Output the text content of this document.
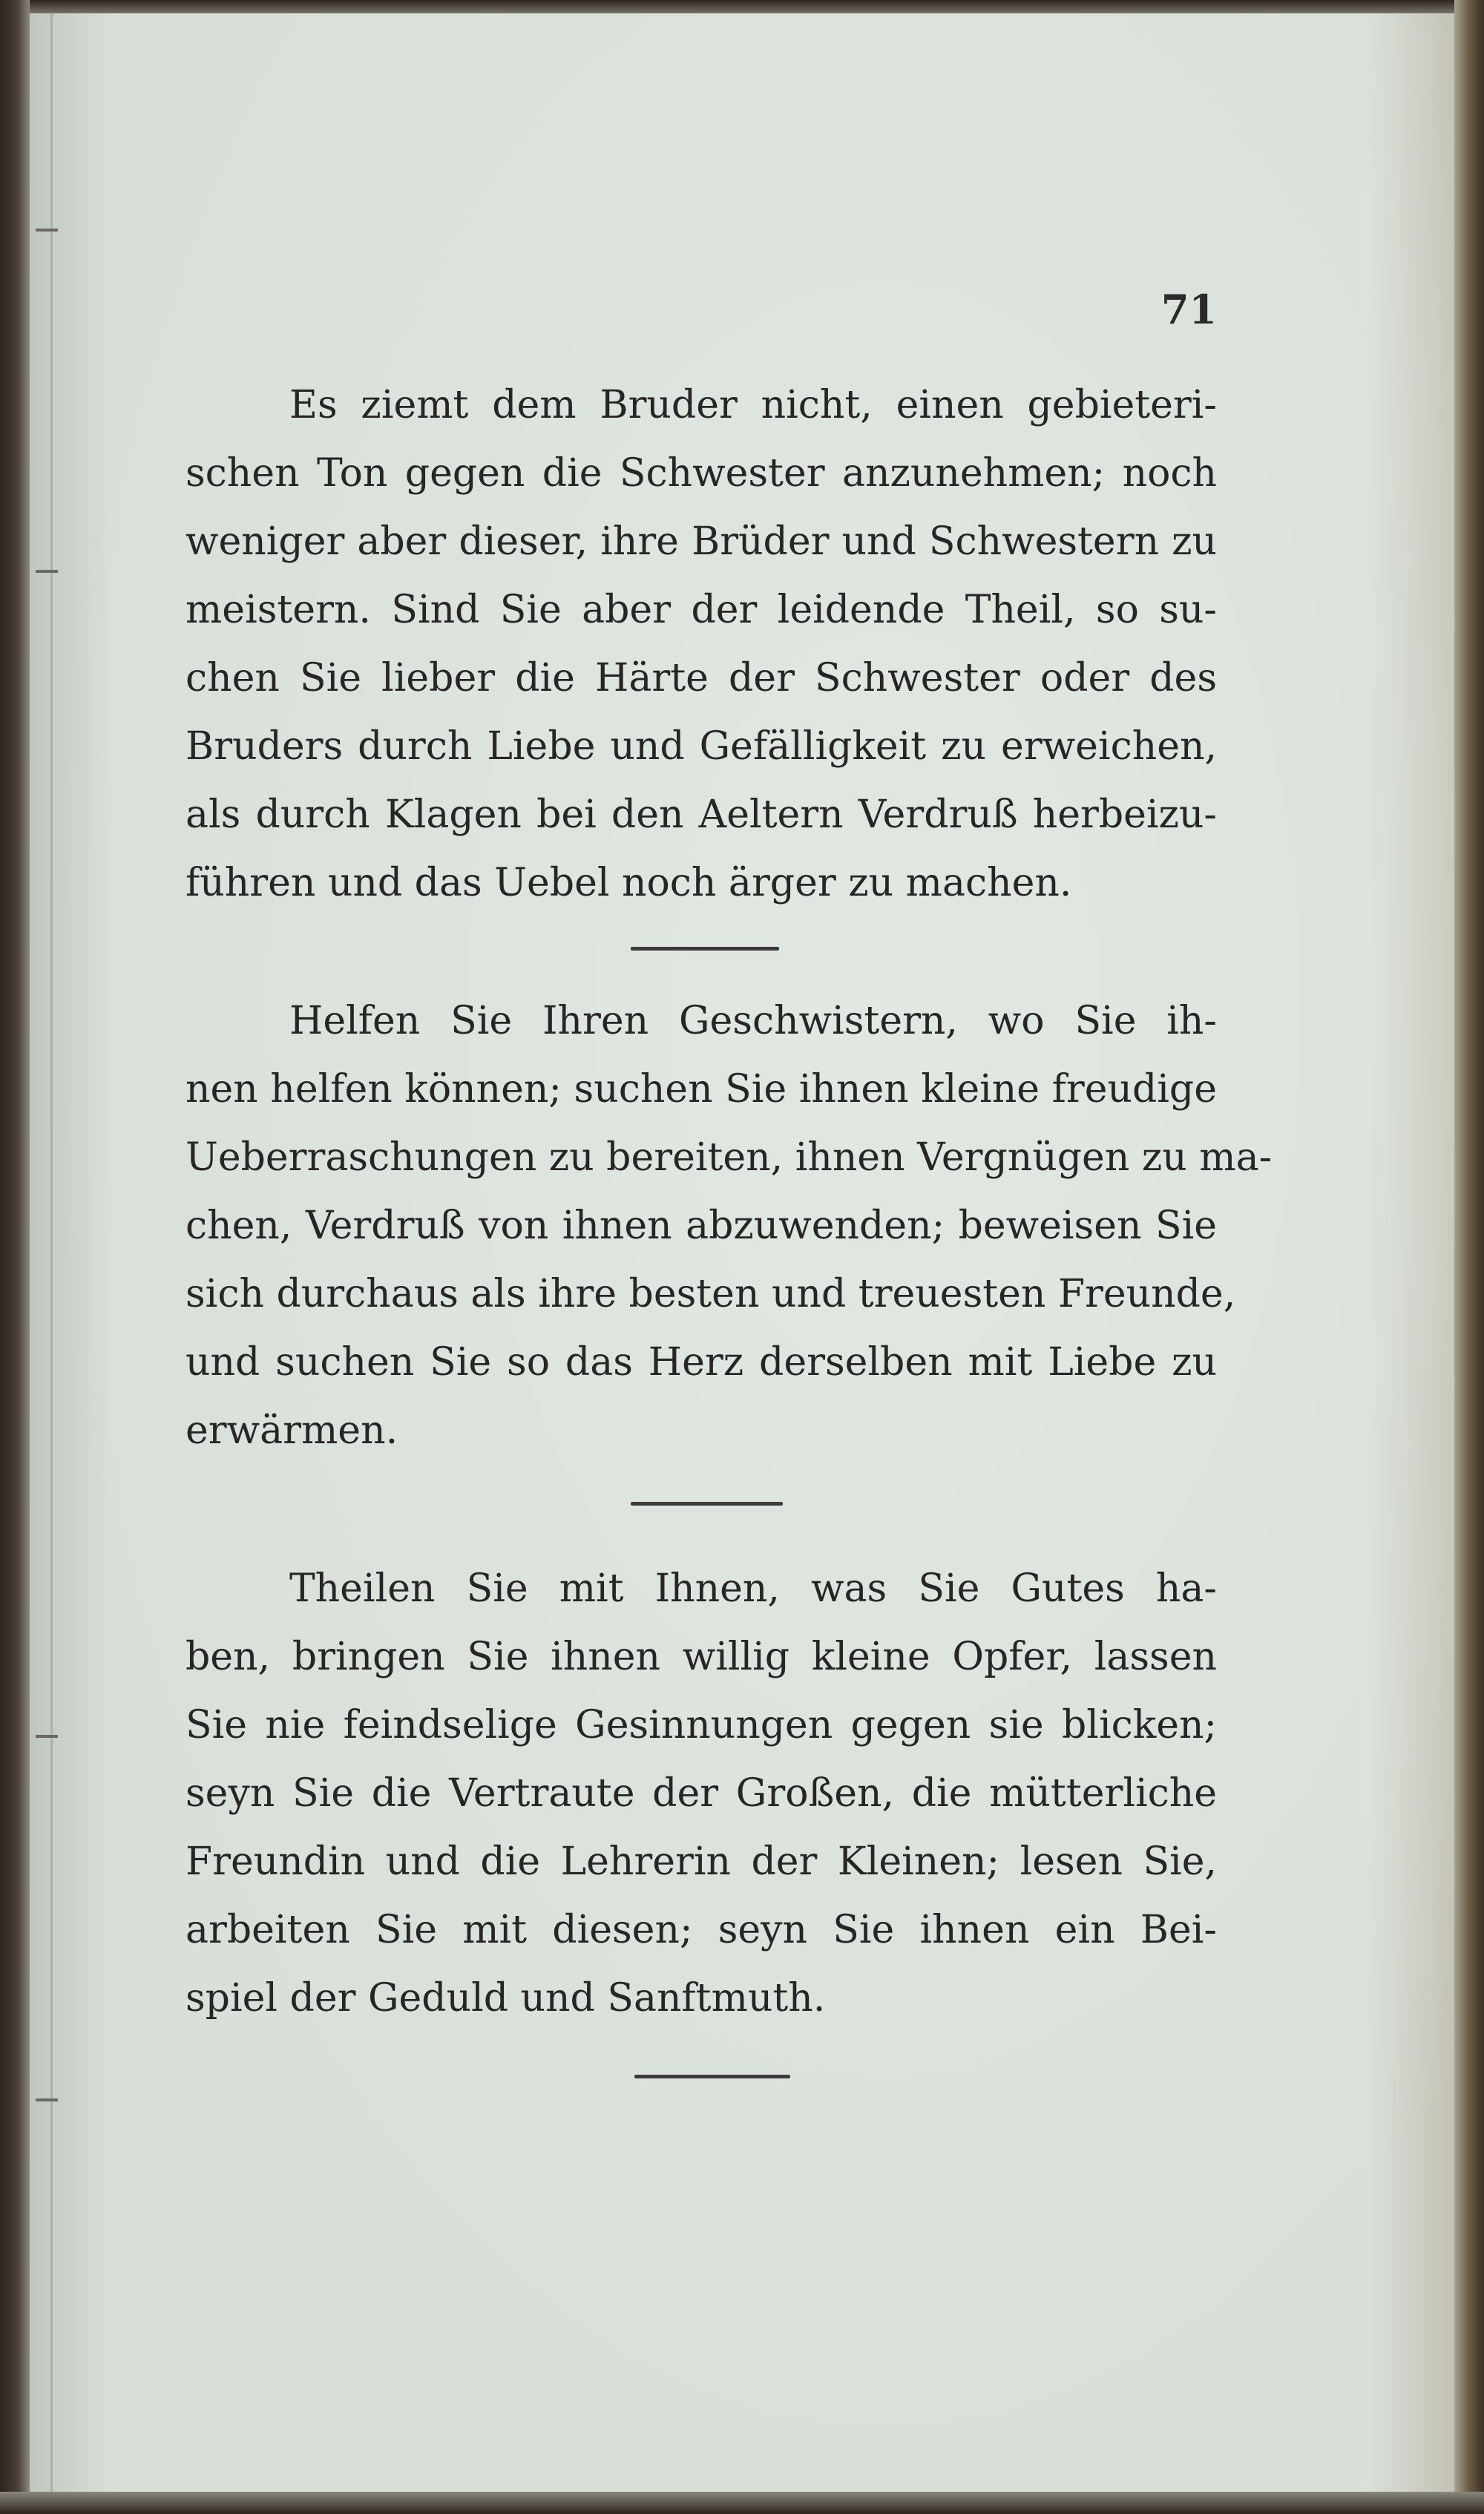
71
Es ziemt dem Bruder nicht, einen gebieteri-
schen Ton gegen die Schwester anzunehmen; noch
weniger aber dieser, ihre Brüder und Schwestern zu
meistern. Sind Sie aber der leidende Theil, so su-
chen Sie lieber die Härte der Schwester oder des
Bruders durch Liebe und Gefälligkeit zu erweichen,
als durch Klagen bei den Aeltern Verdruß herbeizu-
führen und das Uebel noch ärger zu machen.
Helfen Sie Ihren Geschwistern, wo Sie ih-
nen helfen können; suchen Sie ihnen kleine freudige
Ueberraschungen zu bereiten, ihnen Vergnügen zu ma-
chen, Verdruß von ihnen abzuwenden; beweisen Sie
sich durchaus als ihre besten und treuesten Freunde,
und suchen Sie so das Herz derselben mit Liebe zu
erwärmen.
Theilen Sie mit Ihnen, was Sie Gutes ha-
ben, bringen Sie ihnen willig kleine Opfer, lassen
Sie nie feindselige Gesinnungen gegen sie blicken;
seyn Sie die Vertraute der Großen, die mütterliche
Freundin und die Lehrerin der Kleinen; lesen Sie,
arbeiten Sie mit diesen; seyn Sie ihnen ein Bei-
spiel der Geduld und Sanftmuth.
